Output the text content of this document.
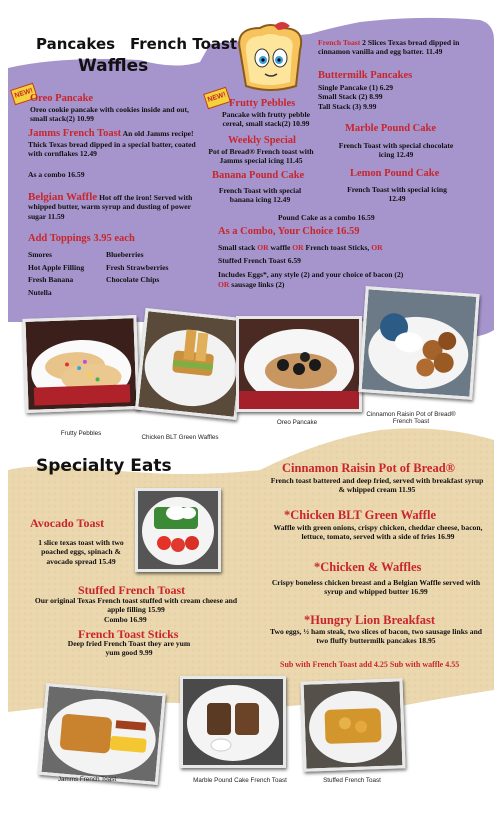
Pancakes French Toast
Waffles
NEW!	NEW!
Oreo Pancake
Oreo cookie pancake with cookies inside and out, small stack(2) 10.99
Jamms French Toast An old Jamms recipe! Thick Texas bread dipped in a special batter, coated with cornflakes 12.49
As a combo 16.59
Belgian Waffle Hot off the iron! Served with whipped butter, warm syrup and dusting of power sugar 11.59
Add Toppings 3.95 each
Smores
Hot Apple Filling
Fresh Banana
Nutella
Blueberries
Fresh Strawberries
Chocolate Chips
Frutty Pebbles
Pancake with frutty pebble cereal, small stack(2) 10.99
Weekly Special
Pot of Bread® French toast with Jamms special icing 11.45
Banana Pound Cake
French Toast with special banana icing 12.49
French Toast 2 Slices Texas bread dipped in cinnamon vanilla and egg batter. 11.49
Buttermilk Pancakes
Single Pancake (1) 6.29
Small Stack (2) 8.99
Tall Stack (3) 9.99
Marble Pound Cake
French Toast with special chocolate icing 12.49
Lemon Pound Cake
French Toast with special icing 12.49
Pound Cake as a combo 16.59
As a Combo, Your Choice 16.59
Small stack OR waffle OR French toast Sticks, OR
Stuffed French Toast 6.59
Includes Eggs*, any style (2) and your choice of bacon (2)
OR sausage links (2)
Frutty Pebbles
Chicken BLT Green Waffles
Oreo Pancake
Cinnamon Raisin Pot of Bread® French Toast
Specialty Eats
Avocado Toast
1 slice texas toast with two poached eggs, spinach & avocado spread 15.49
Stuffed French Toast
Our original Texas French toast stuffed with cream cheese and apple filling 15.99
Combo 16.99
French Toast Sticks
Deep fried French Toast they are yum yum good 9.99
Cinnamon Raisin Pot of Bread®
French toast battered and deep fried, served with breakfast syrup & whipped cream 11.95
*Chicken BLT Green Waffle
Waffle with green onions, crispy chicken, cheddar cheese, bacon, lettuce, tomato, served with a side of fries 16.99
*Chicken & Waffles
Crispy boneless chicken breast and a Belgian Waffle served with syrup and whipped butter 16.99
*Hungry Lion Breakfast
Two eggs, ½ ham steak, two slices of bacon, two sausage links and two fluffy buttermilk pancakes 18.95
Sub with French Toast add 4.25 Sub with waffle 4.55
Jamms French Toast	Marble Pound Cake French Toast	Stuffed French Toast
